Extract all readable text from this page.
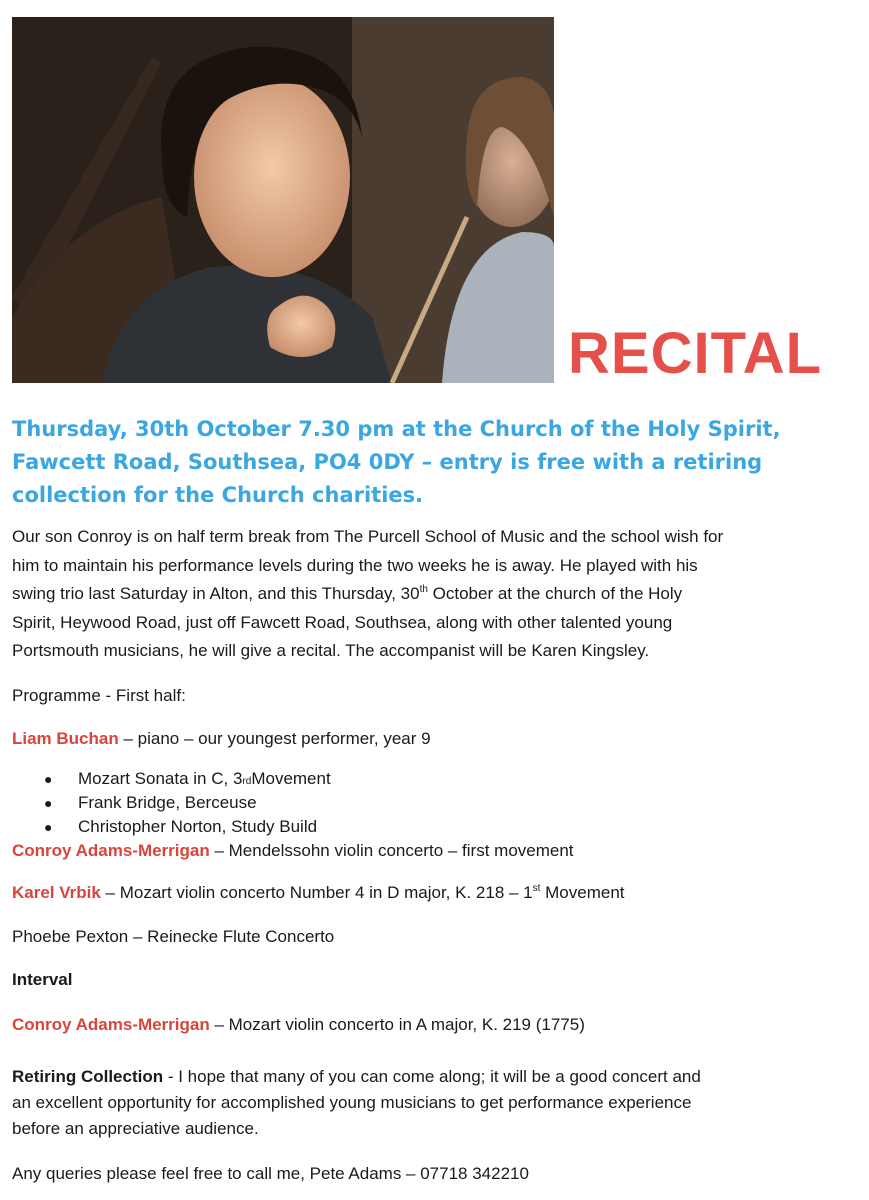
RECITAL
Thursday, 30th October 7.30 pm at the Church of the Holy Spirit,
Fawcett Road, Southsea, PO4 0DY – entry is free with a retiring
collection for the Church charities.
Our son Conroy is on half term break from The Purcell School of Music and the school wish for
him to maintain his performance levels during the two weeks he is away. He played with his
swing trio last Saturday in Alton, and this Thursday, 30th October at the church of the Holy
Spirit, Heywood Road, just off Fawcett Road, Southsea, along with other talented young
Portsmouth musicians, he will give a recital. The accompanist will be Karen Kingsley.
Programme - First half:
Liam Buchan – piano – our youngest performer, year 9
●	Mozart Sonata in C, 3 rd Movement
●	Frank Bridge, Berceuse
●	Christopher Norton, Study Build
Conroy Adams-Merrigan – Mendelssohn violin concerto – first movement
Karel Vrbik – Mozart violin concerto Number 4 in D major, K. 218 – 1st Movement
Phoebe Pexton – Reinecke Flute Concerto
Interval
Conroy Adams-Merrigan – Mozart violin concerto in A major, K. 219 (1775)
Retiring Collection - I hope that many of you can come along; it will be a good concert and
an excellent opportunity for accomplished young musicians to get performance experience
before an appreciative audience.
Any queries please feel free to call me, Pete Adams – 07718 342210
